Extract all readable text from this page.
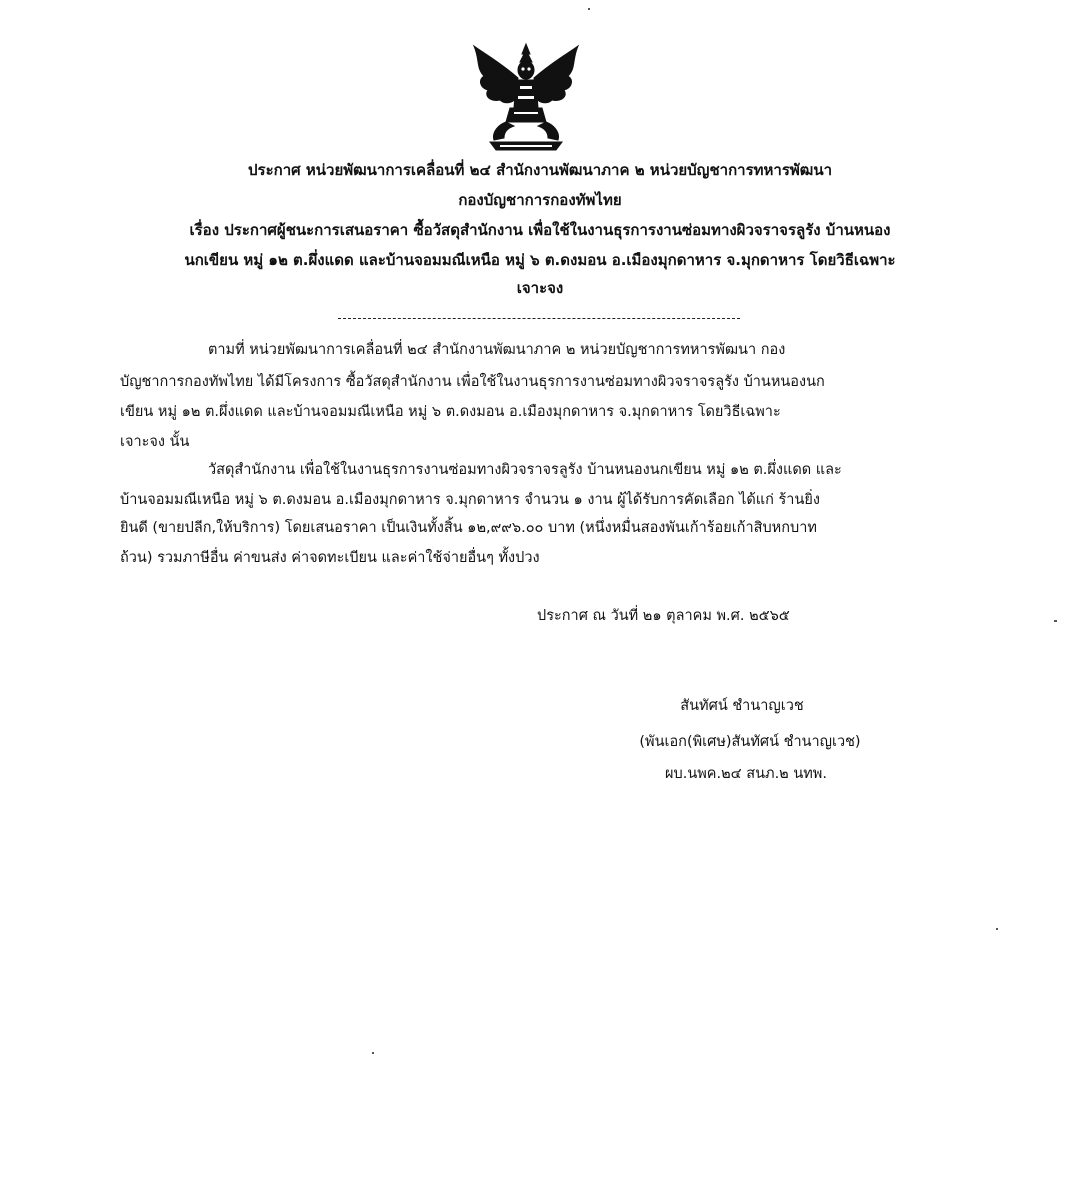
ประกาศ หน่วยพัฒนาการเคลื่อนที่ ๒๔ สำนักงานพัฒนาภาค ๒ หน่วยบัญชาการทหารพัฒนา
กองบัญชาการกองทัพไทย
เรื่อง ประกาศผู้ชนะการเสนอราคา ซื้อวัสดุสำนักงาน เพื่อใช้ในงานธุรการงานซ่อมทางผิวจราจรลูรัง บ้านหนอง
นกเขียน หมู่ ๑๒ ต.ผึ่งแดด และบ้านจอมมณีเหนือ หมู่ ๖ ต.ดงมอน อ.เมืองมุกดาหาร จ.มุกดาหาร โดยวิธีเฉพาะ
เจาะจง
ตามที่ หน่วยพัฒนาการเคลื่อนที่ ๒๔ สำนักงานพัฒนาภาค ๒ หน่วยบัญชาการทหารพัฒนา กอง
บัญชาการกองทัพไทย ได้มีโครงการ ซื้อวัสดุสำนักงาน เพื่อใช้ในงานธุรการงานซ่อมทางผิวจราจรลูรัง บ้านหนองนก
เขียน หมู่ ๑๒ ต.ผึ่งแดด และบ้านจอมมณีเหนือ หมู่ ๖ ต.ดงมอน อ.เมืองมุกดาหาร จ.มุกดาหาร โดยวิธีเฉพาะ
เจาะจง นั้น
วัสดุสำนักงาน เพื่อใช้ในงานธุรการงานซ่อมทางผิวจราจรลูรัง บ้านหนองนกเขียน หมู่ ๑๒ ต.ผึ่งแดด และ
บ้านจอมมณีเหนือ หมู่ ๖ ต.ดงมอน อ.เมืองมุกดาหาร จ.มุกดาหาร จำนวน ๑ งาน ผู้ได้รับการคัดเลือก ได้แก่ ร้านยิ่ง
ยินดี (ขายปลีก,ให้บริการ) โดยเสนอราคา เป็นเงินทั้งสิ้น ๑๒,๙๙๖.๐๐ บาท (หนึ่งหมื่นสองพันเก้าร้อยเก้าสิบหกบาท
ถ้วน) รวมภาษีอื่น ค่าขนส่ง ค่าจดทะเบียน และค่าใช้จ่ายอื่นๆ ทั้งปวง
ประกาศ ณ วันที่ ๒๑ ตุลาคม พ.ศ. ๒๕๖๕
สันทัศน์ ชำนาญเวช
(พันเอก(พิเศษ)สันทัศน์ ชำนาญเวช)
ผบ.นพค.๒๔ สนภ.๒ นทพ.
